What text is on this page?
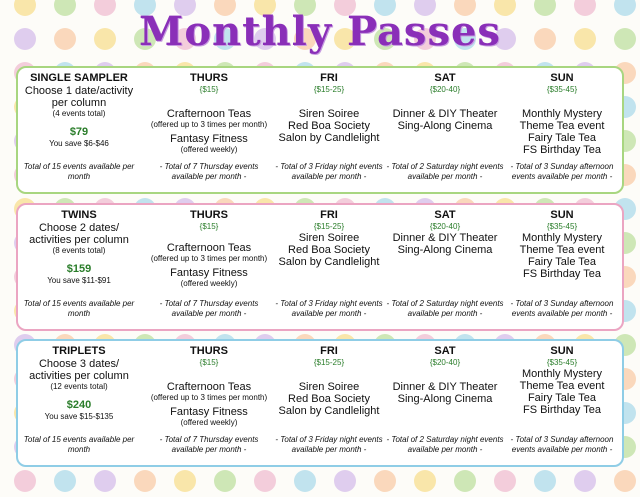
Monthly Passes
SINGLE SAMPLER
Choose 1 date/activity
per column
(4 events total)
$79
You save $6-$46
THURS
{$15}
Crafternoon Teas
(offered up to 3 times per month)
Fantasy Fitness
(offered weekly)
FRI
{$15-25}
Siren Soiree
Red Boa Society
Salon by Candlelight
SAT
{$20-40}
Dinner & DIY Theater
Sing-Along Cinema
SUN
{$35-45}
Monthly Mystery
Theme Tea event
Fairy Tale Tea
FS Birthday Tea
Total of 15 events available per month
- Total of 7 Thursday events available per month -
- Total of 3 Friday night events available per month -
- Total of 2 Saturday night events available per month -
- Total of 3 Sunday afternoon events available per month -
TWINS
Choose 2 dates/
activities per column
(8 events total)
$159
You save $11-$91
THURS
{$15}
Crafternoon Teas
(offered up to 3 times per month)
Fantasy Fitness
(offered weekly)
FRI
{$15-25}
Siren Soiree
Red Boa Society
Salon by Candlelight
SAT
{$20-40}
Dinner & DIY Theater
Sing-Along Cinema
SUN
{$35-45}
Monthly Mystery
Theme Tea event
Fairy Tale Tea
FS Birthday Tea
Total of 15 events available per month
- Total of 7 Thursday events available per month -
- Total of 3 Friday night events available per month -
- Total of 2 Saturday night events available per month -
- Total of 3 Sunday afternoon events available per month -
TRIPLETS
Choose 3 dates/
activities per column
(12 events total)
$240
You save $15-$135
THURS
{$15}
Crafternoon Teas
(offered up to 3 times per month)
Fantasy Fitness
(offered weekly)
FRI
{$15-25}
Siren Soiree
Red Boa Society
Salon by Candlelight
SAT
{$20-40}
Dinner & DIY Theater
Sing-Along Cinema
SUN
{$35-45}
Monthly Mystery
Theme Tea event
Fairy Tale Tea
FS Birthday Tea
Total of 15 events available per month
- Total of 7 Thursday events available per month -
- Total of 3 Friday night events available per month -
- Total of 2 Saturday night events available per month -
- Total of 3 Sunday afternoon events available per month -
